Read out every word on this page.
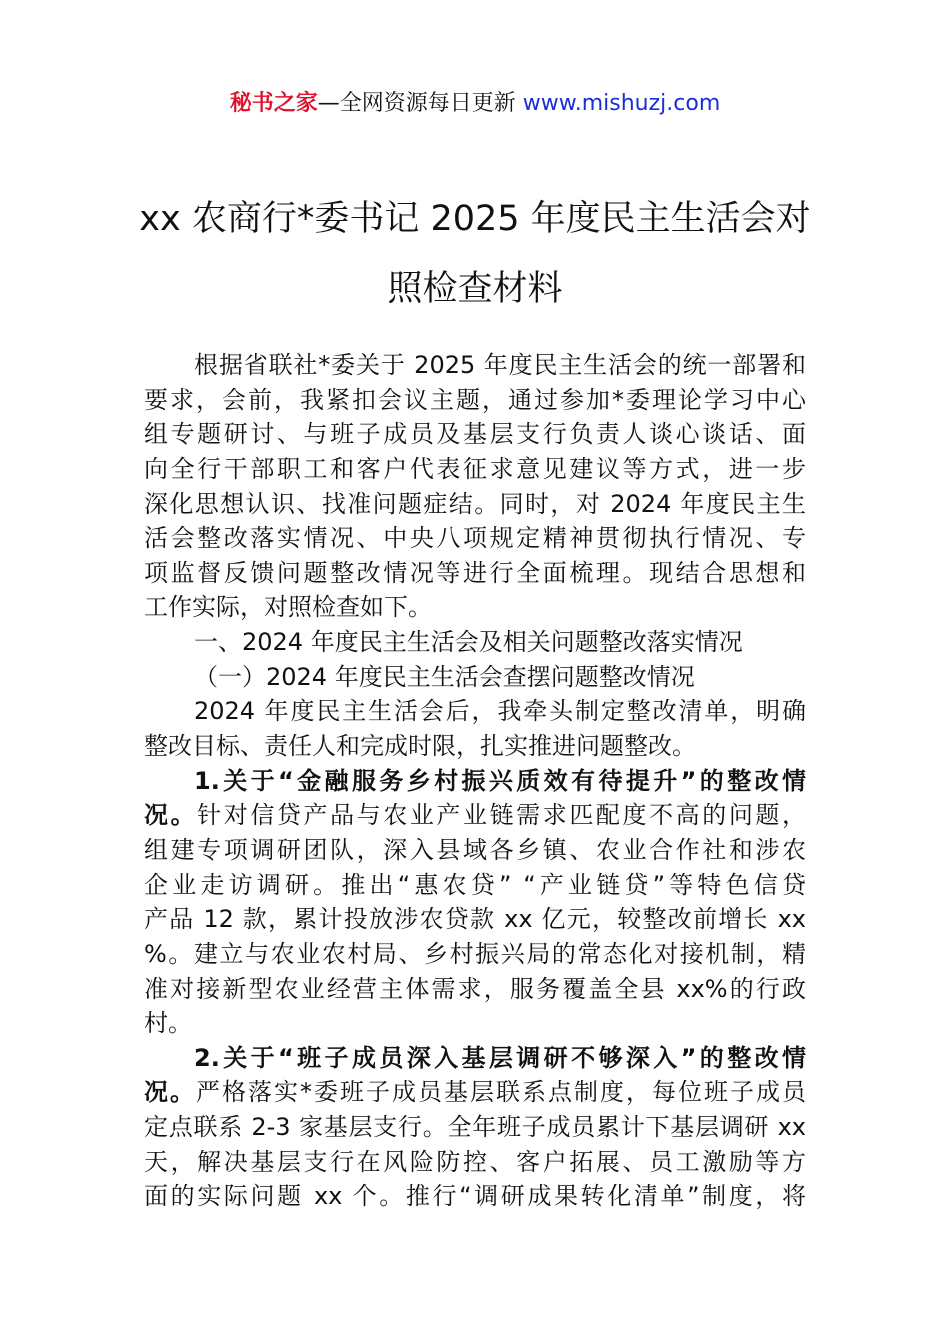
秘书之家—全网资源每日更新 www.mishuzj.com
xx 农商行*委书记 2025 年度民主生活会对
照检查材料
根据省联社*委关于 2025 年度民主生活会的统一部署和
要求，会前，我紧扣会议主题，通过参加*委理论学习中心
组专题研讨、与班子成员及基层支行负责人谈心谈话、面
向全行干部职工和客户代表征求意见建议等方式，进一步
深化思想认识、找准问题症结。同时，对 2024 年度民主生
活会整改落实情况、中央八项规定精神贯彻执行情况、专
项监督反馈问题整改情况等进行全面梳理。现结合思想和
工作实际，对照检查如下。
一、2024 年度民主生活会及相关问题整改落实情况
（一）2024 年度民主生活会查摆问题整改情况
2024 年度民主生活会后，我牵头制定整改清单，明确
整改目标、责任人和完成时限，扎实推进问题整改。
1.关于“金融服务乡村振兴质效有待提升”的整改情
况。针对信贷产品与农业产业链需求匹配度不高的问题，
组建专项调研团队，深入县域各乡镇、农业合作社和涉农
企业走访调研。推出“惠农贷” “产业链贷”等特色信贷
产品 12 款，累计投放涉农贷款 xx 亿元，较整改前增长 xx
%。建立与农业农村局、乡村振兴局的常态化对接机制，精
准对接新型农业经营主体需求，服务覆盖全县 xx%的行政
村。
2.关于“班子成员深入基层调研不够深入”的整改情
况。严格落实*委班子成员基层联系点制度，每位班子成员
定点联系 2-3 家基层支行。全年班子成员累计下基层调研 xx
天，解决基层支行在风险防控、客户拓展、员工激励等方
面的实际问题 xx 个。推行“调研成果转化清单”制度，将
